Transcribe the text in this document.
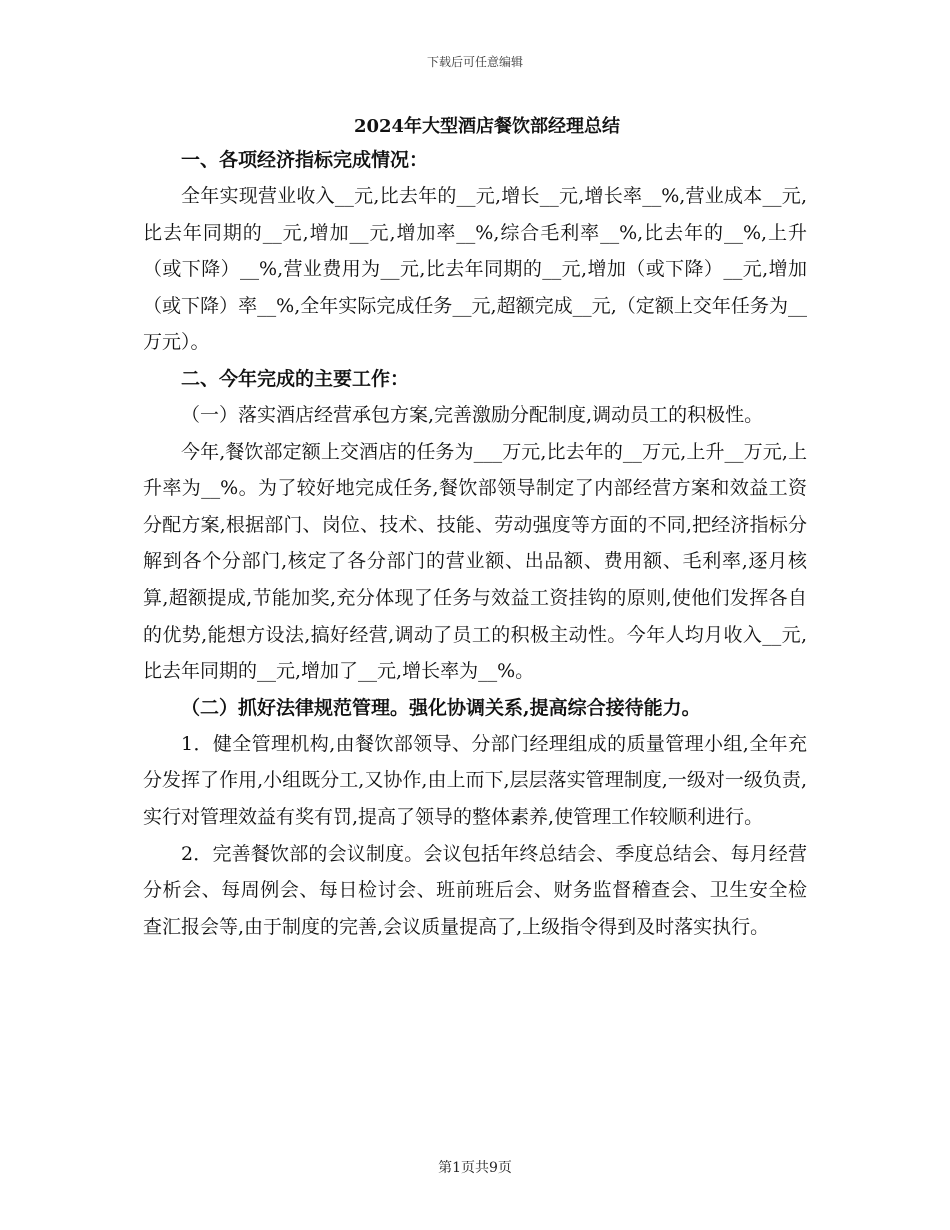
下载后可任意编辑
2024年大型酒店餐饮部经理总结
一、各项经济指标完成情况：

全年实现营业收入__元,比去年的__元,增长__元,增长率__%,营业成本__元,比去年同期的__元,增加__元,增加率__%,综合毛利率__%,比去年的__%,上升（或下降）__%,营业费用为__元,比去年同期的__元,增加（或下降）__元,增加（或下降）率__%,全年实际完成任务__元,超额完成__元,（定额上交年任务为__万元）。

二、今年完成的主要工作：

（一）落实酒店经营承包方案,完善激励分配制度,调动员工的积极性。

今年,餐饮部定额上交酒店的任务为___万元,比去年的__万元,上升__万元,上升率为__%。为了较好地完成任务,餐饮部领导制定了内部经营方案和效益工资分配方案,根据部门、岗位、技术、技能、劳动强度等方面的不同,把经济指标分解到各个分部门,核定了各分部门的营业额、出品额、费用额、毛利率,逐月核算,超额提成,节能加奖,充分体现了任务与效益工资挂钩的原则,使他们发挥各自的优势,能想方设法,搞好经营,调动了员工的积极主动性。今年人均月收入__元,比去年同期的__元,增加了__元,增长率为__%。

（二）抓好法律规范管理。强化协调关系,提高综合接待能力。

1．健全管理机构,由餐饮部领导、分部门经理组成的质量管理小组,全年充分发挥了作用,小组既分工,又协作,由上而下,层层落实管理制度,一级对一级负责,实行对管理效益有奖有罚,提高了领导的整体素养,使管理工作较顺利进行。

2．完善餐饮部的会议制度。会议包括年终总结会、季度总结会、每月经营分析会、每周例会、每日检讨会、班前班后会、财务监督稽查会、卫生安全检查汇报会等,由于制度的完善,会议质量提高了,上级指令得到及时落实执行。

第1页共9页
